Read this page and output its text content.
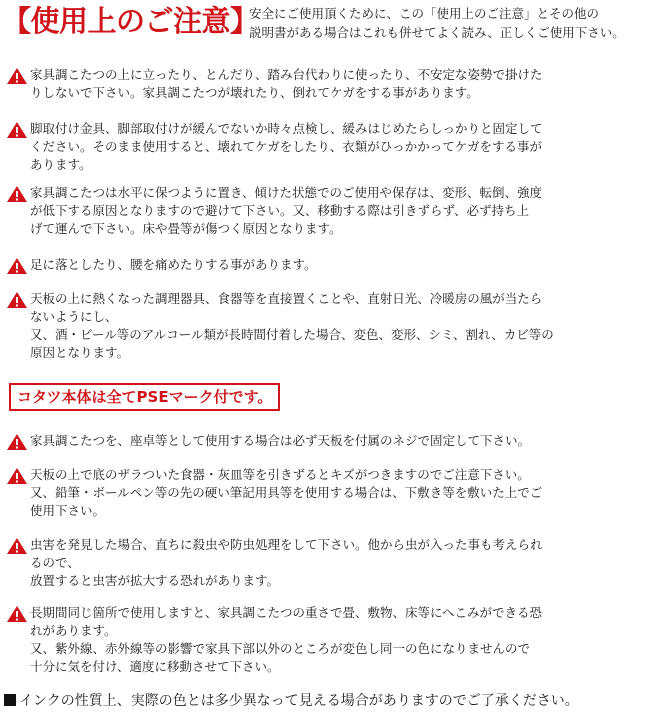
【使用上のご注意】
安全にご使用頂くために、この「使用上のご注意」とその他の
説明書がある場合はこれも併せてよく読み、正しくご使用下さい。
家具調こたつの上に立ったり、とんだり、踏み台代わりに使ったり、不安定な姿勢で掛けた
りしないで下さい。家具調こたつが壊れたり、倒れてケガをする事があります。
脚取付け金具、脚部取付けが緩んでないか時々点検し、緩みはじめたらしっかりと固定して
ください。そのまま使用すると、壊れてケガをしたり、衣類がひっかかってケガをする事が
あります。
家具調こたつは水平に保つように置き、傾けた状態でのご使用や保存は、変形、転倒、強度
が低下する原因となりますので避けて下さい。又、移動する際は引きずらず、必ず持ち上
げて運んで下さい。床や畳等が傷つく原因となります。
足に落としたり、腰を痛めたりする事があります。
天板の上に熱くなった調理器具、食器等を直接置くことや、直射日光、冷暖房の風が当たら
ないようにし、
又、酒・ビール等のアルコール類が長時間付着した場合、変色、変形、シミ、割れ、カビ等の
原因となります。
コタツ本体は全てPSEマーク付です。
家具調こたつを、座卓等として使用する場合は必ず天板を付属のネジで固定して下さい。
天板の上で底のザラついた食器・灰皿等を引きずるとキズがつきますのでご注意下さい。
又、鉛筆・ボールペン等の先の硬い筆記用具等を使用する場合は、下敷き等を敷いた上でご
使用下さい。
虫害を発見した場合、直ちに殺虫や防虫処理をして下さい。他から虫が入った事も考えられ
るので、
放置すると虫害が拡大する恐れがあります。
長期間同じ箇所で使用しますと、家具調こたつの重さで畳、敷物、床等にへこみができる恐
れがあります。
又、紫外線、赤外線等の影響で家具下部以外のところが変色し同一の色になりませんので
十分に気を付け、適度に移動させて下さい。
インクの性質上、実際の色とは多少異なって見える場合がありますのでご了承ください。
